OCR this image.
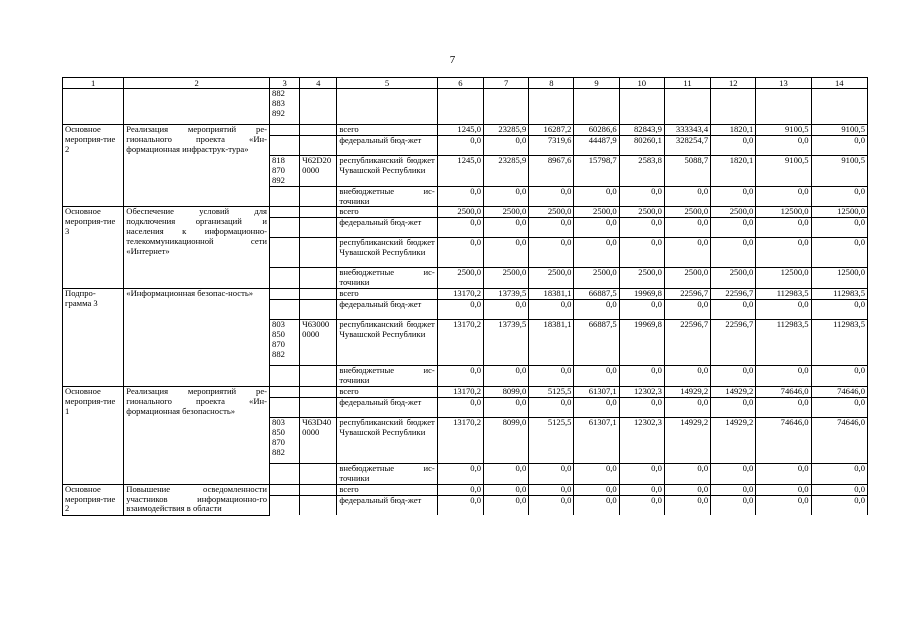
7
1	2	3	4	5	6	7	8	9	10	11	12	13	14
		882
883
892											
Основное мероприя-тие 2	Реализация мероприятий ре-гионального проекта «Ин-формационная инфраструк-тура»			всего	1245,0	23285,9	16287,2	60286,6	82843,9	333343,4	1820,1	9100,5	9100,5
				федеральный бюд-жет	0,0	0,0	7319,6	44487,9	80260,1	328254,7	0,0	0,0	0,0
		818
870
892	Ч62D20
0000	республиканский бюджет Чувашской Республики	1245,0	23285,9	8967,6	15798,7	2583,8	5088,7	1820,1	9100,5	9100,5
				внебюджетные ис-точники	0,0	0,0	0,0	0,0	0,0	0,0	0,0	0,0	0,0
Основное мероприя-тие 3	Обеспечение условий для подключения организаций и населения к информационно-телекоммуникационной сети «Интернет»			всего	2500,0	2500,0	2500,0	2500,0	2500,0	2500,0	2500,0	12500,0	12500,0
				федеральный бюд-жет	0,0	0,0	0,0	0,0	0,0	0,0	0,0	0,0	0,0
				республиканский бюджет Чувашской Республики	0,0	0,0	0,0	0,0	0,0	0,0	0,0	0,0	0,0
				внебюджетные ис-точники	2500,0	2500,0	2500,0	2500,0	2500,0	2500,0	2500,0	12500,0	12500,0
Подпро-грамма 3	«Информационная безопас-ность»			всего	13170,2	13739,5	18381,1	66887,5	19969,8	22596,7	22596,7	112983,5	112983,5
				федеральный бюд-жет	0,0	0,0	0,0	0,0	0,0	0,0	0,0	0,0	0,0
		803
850
870
882	Ч63000
0000	республиканский бюджет Чувашской Республики	13170,2	13739,5	18381,1	66887,5	19969,8	22596,7	22596,7	112983,5	112983,5
				внебюджетные ис-точники	0,0	0,0	0,0	0,0	0,0	0,0	0,0	0,0	0,0
Основное мероприя-тие 1	Реализация мероприятий ре-гионального проекта «Ин-формационная безопасность»			всего	13170,2	8099,0	5125,5	61307,1	12302,3	14929,2	14929,2	74646,0	74646,0
				федеральный бюд-жет	0,0	0,0	0,0	0,0	0,0	0,0	0,0	0,0	0,0
		803
850
870
882	Ч63D40
0000	республиканский бюджет Чувашской Республики	13170,2	8099,0	5125,5	61307,1	12302,3	14929,2	14929,2	74646,0	74646,0
				внебюджетные ис-точники	0,0	0,0	0,0	0,0	0,0	0,0	0,0	0,0	0,0
Основное мероприя-тие 2	Повышение осведомленности участников информационно-го взаимодействия в области			всего	0,0	0,0	0,0	0,0	0,0	0,0	0,0	0,0	0,0
				федеральный бюд-жет	0,0	0,0	0,0	0,0	0,0	0,0	0,0	0,0	0,0
